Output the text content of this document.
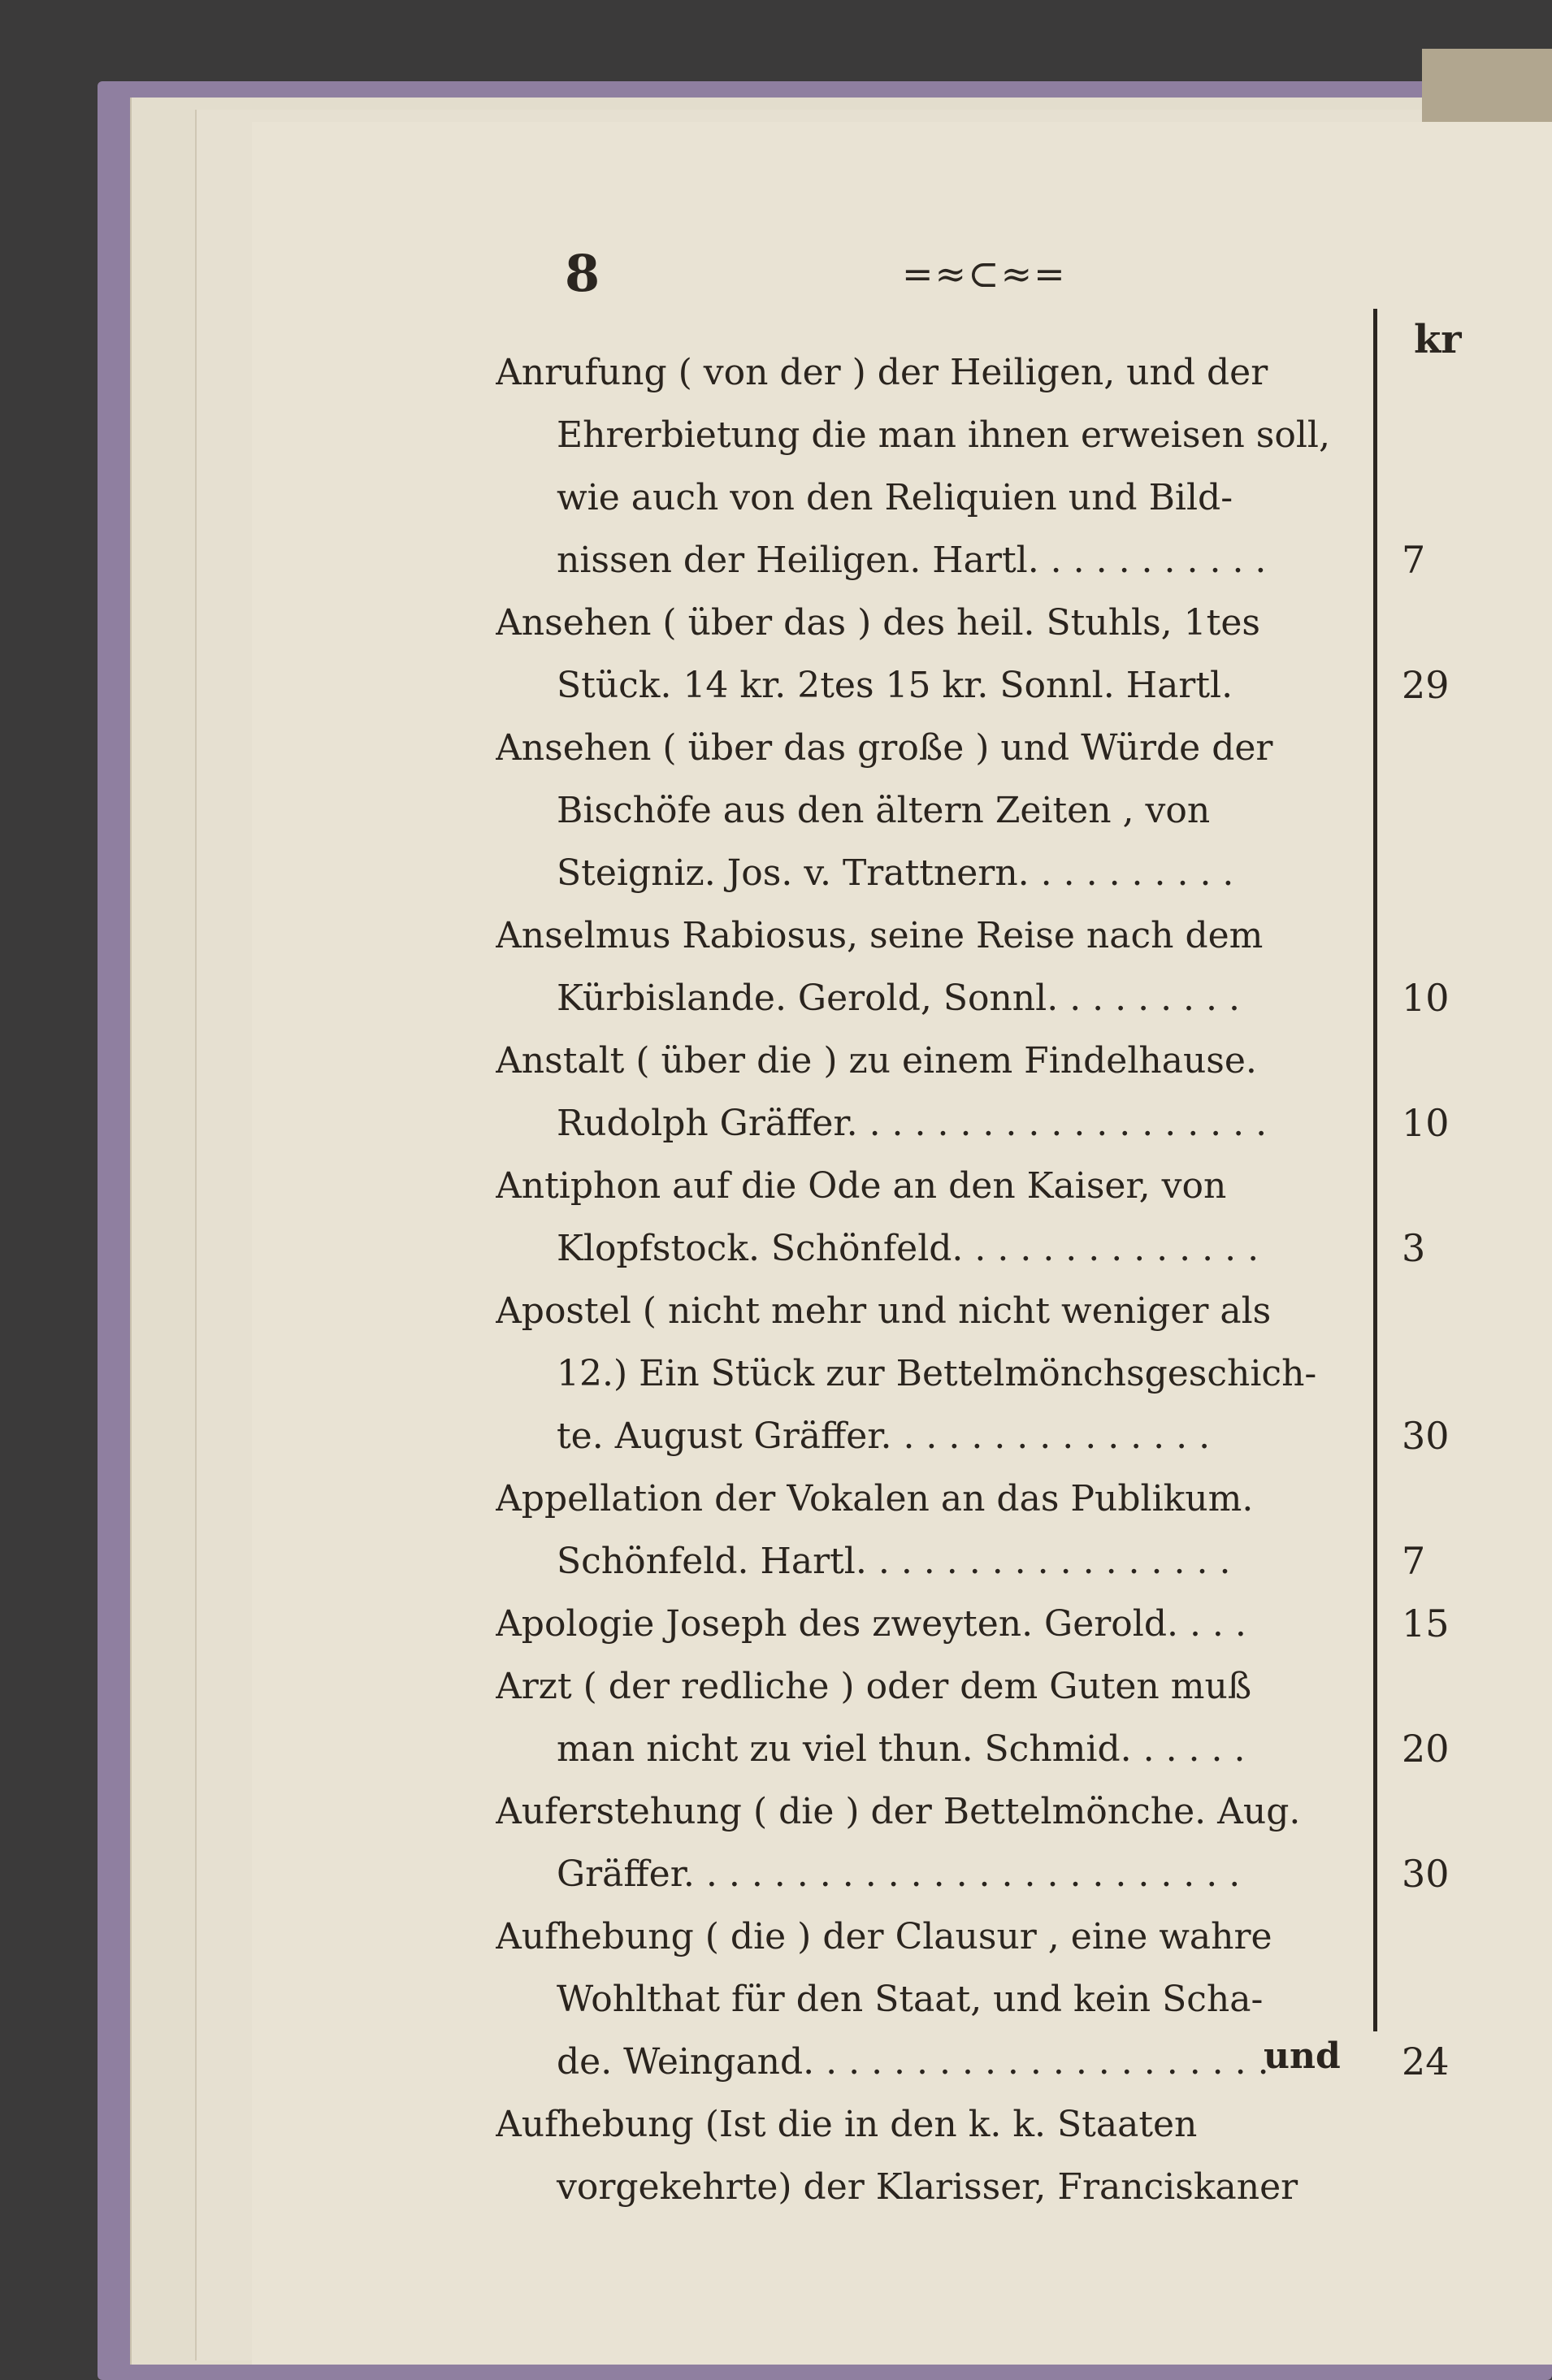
8	=≈⊂≈=
kr
Anrufung ( von der ) der Heiligen, und der
Ehrerbietung die man ihnen erweisen soll,
wie auch von den Reliquien und Bild-
nissen der Heiligen. Hartl. . . . . . . . . . .	7
Ansehen ( über das ) des heil. Stuhls, 1tes
Stück. 14 kr. 2tes 15 kr. Sonnl. Hartl.	29
Ansehen ( über das große ) und Würde der
Bischöfe aus den ältern Zeiten , von
Steigniz. Jos. v. Trattnern. . . . . . . . . .
Anselmus Rabiosus, seine Reise nach dem
Kürbislande. Gerold, Sonnl. . . . . . . . .	10
Anstalt ( über die ) zu einem Findelhause.
Rudolph Gräffer. . . . . . . . . . . . . . . . . . .	10
Antiphon auf die Ode an den Kaiser, von
Klopfstock. Schönfeld. . . . . . . . . . . . . .	3
Apostel ( nicht mehr und nicht weniger als
12.) Ein Stück zur Bettelmönchsgeschich-
te. August Gräffer. . . . . . . . . . . . . . .	30
Appellation der Vokalen an das Publikum.
Schönfeld. Hartl. . . . . . . . . . . . . . . . .	7
Apologie Joseph des zweyten. Gerold. . . .	15
Arzt ( der redliche ) oder dem Guten muß
man nicht zu viel thun. Schmid. . . . . .	20
Auferstehung ( die ) der Bettelmönche. Aug.
Gräffer. . . . . . . . . . . . . . . . . . . . . . . . .	30
Aufhebung ( die ) der Clausur , eine wahre
Wohlthat für den Staat, und kein Scha-
de. Weingand. . . . . . . . . . . . . . . . . . . . .	24
Aufhebung (Ist die in den k. k. Staaten
vorgekehrte) der Klarisser, Franciskaner
und
